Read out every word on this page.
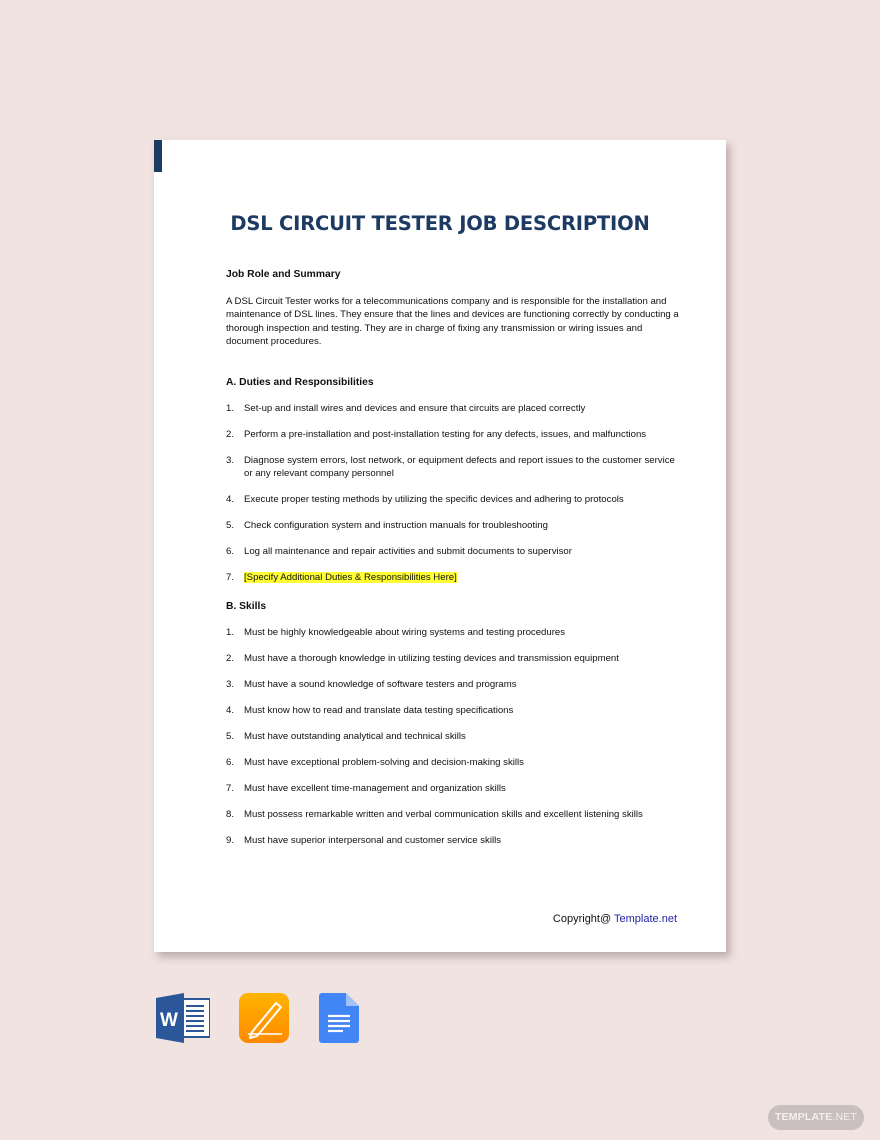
DSL CIRCUIT TESTER JOB DESCRIPTION

Job Role and Summary

A DSL Circuit Tester works for a telecommunications company and is responsible for the installation and maintenance of DSL lines. They ensure that the lines and devices are functioning correctly by conducting a thorough inspection and testing. They are in charge of fixing any transmission or wiring issues and document procedures.

A. Duties and Responsibilities

1.	Set-up and install wires and devices and ensure that circuits are placed correctly
2.	Perform a pre-installation and post-installation testing for any defects, issues, and malfunctions
3.	Diagnose system errors, lost network, or equipment defects and report issues to the customer service or any relevant company personnel
4.	Execute proper testing methods by utilizing the specific devices and adhering to protocols
5.	Check configuration system and instruction manuals for troubleshooting
6.	Log all maintenance and repair activities and submit documents to supervisor
7.	[Specify Additional Duties & Responsibilities Here]

B. Skills

1.	Must be highly knowledgeable about wiring systems and testing procedures
2.	Must have a thorough knowledge in utilizing testing devices and transmission equipment
3.	Must have a sound knowledge of software testers and programs
4.	Must know how to read and translate data testing specifications
5.	Must have outstanding analytical and technical skills
6.	Must have exceptional problem-solving and decision-making skills
7.	Must have excellent time-management and organization skills
8.	Must possess remarkable written and verbal communication skills and excellent listening skills
9.	Must have superior interpersonal and customer service skills
Copyright@ Template.net
W
TEMPLATE.NET
